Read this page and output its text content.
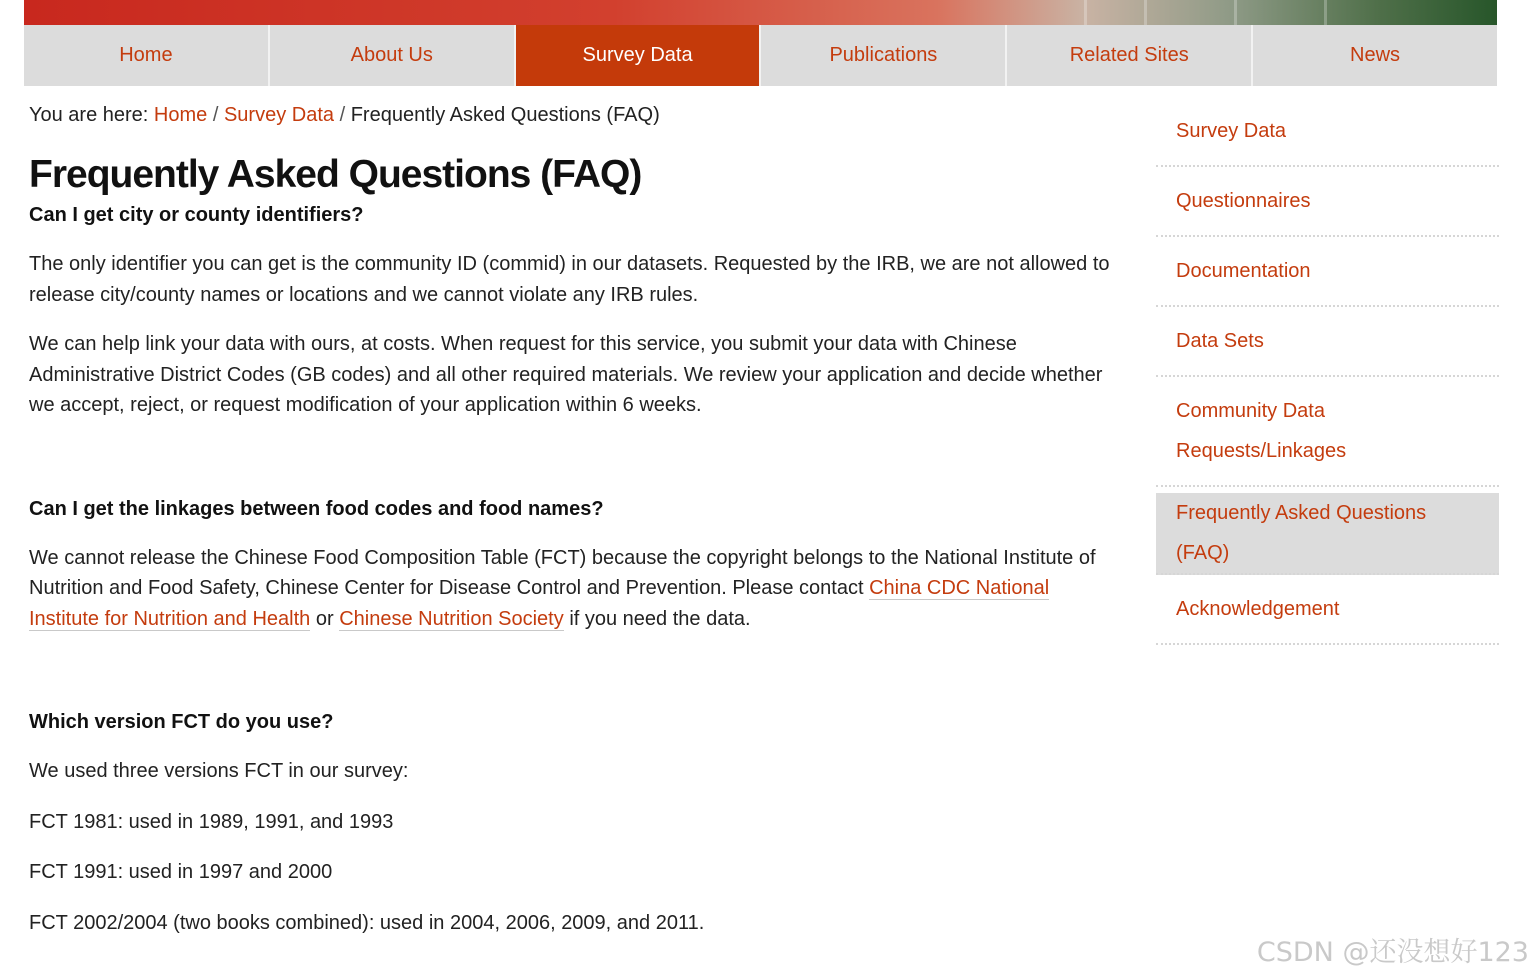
Home	About Us	Survey Data	Publications	Related Sites	News
You are here: Home / Survey Data / Frequently Asked Questions (FAQ)
Frequently Asked Questions (FAQ)

Can I get city or county identifiers?

The only identifier you can get is the community ID (commid) in our datasets. Requested by the IRB, we are not allowed to release city/county names or locations and we cannot violate any IRB rules.

We can help link your data with ours, at costs. When request for this service, you submit your data with Chinese Administrative District Codes (GB codes) and all other required materials. We review your application and decide whether we accept, reject, or request modification of your application within 6 weeks.

Can I get the linkages between food codes and food names?

We cannot release the Chinese Food Composition Table (FCT) because the copyright belongs to the National Institute of Nutrition and Food Safety, Chinese Center for Disease Control and Prevention. Please contact China CDC National Institute for Nutrition and Health or Chinese Nutrition Society if you need the data.

Which version FCT do you use?

We used three versions FCT in our survey:

FCT 1981: used in 1989, 1991, and 1993

FCT 1991: used in 1997 and 2000

FCT 2002/2004 (two books combined): used in 2004, 2006, 2009, and 2011.

Survey Data
Questionnaires
Documentation
Data Sets
Community Data
Requests/Linkages
Frequently Asked Questions (FAQ)
Acknowledgement
CSDN @还没想好123
